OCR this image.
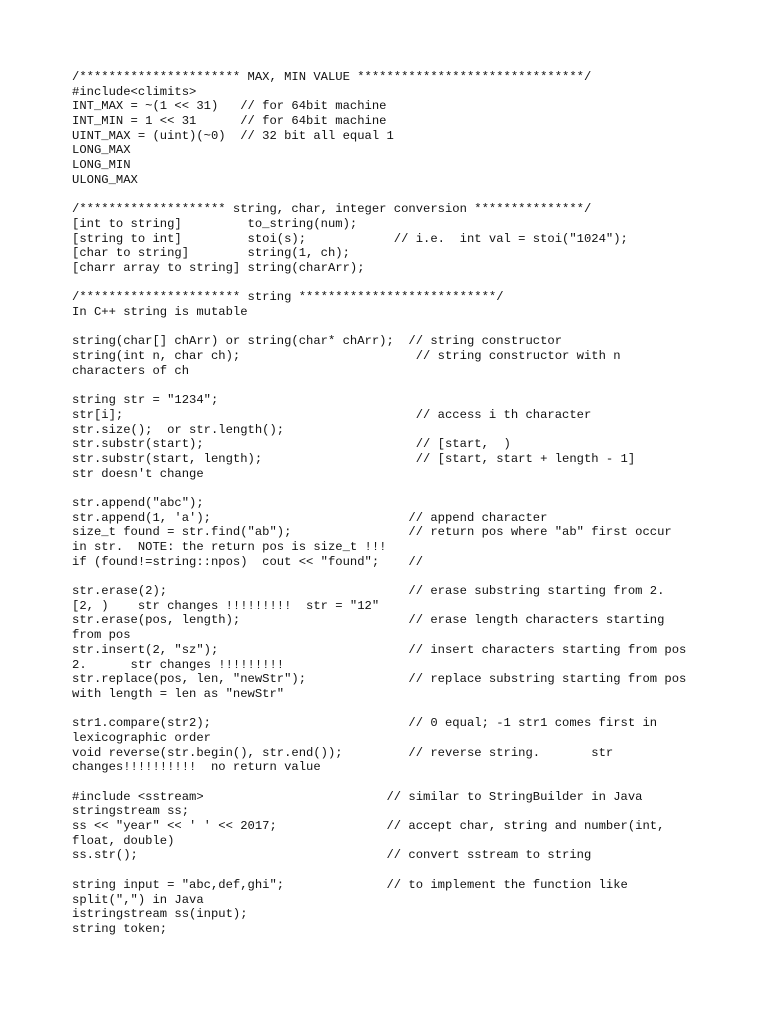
/********************** MAX, MIN VALUE *******************************/
#include<climits>
INT_MAX = ~(1 << 31)   // for 64bit machine
INT_MIN = 1 << 31      // for 64bit machine
UINT_MAX = (uint)(~0)  // 32 bit all equal 1
LONG_MAX
LONG_MIN
ULONG_MAX
/******************** string, char, integer conversion ***************/
[int to string]         to_string(num);
[string to int]         stoi(s);            // i.e.  int val = stoi("1024");
[char to string]        string(1, ch);
[charr array to string] string(charArr);
/********************** string ***************************/
In C++ string is mutable
string(char[] chArr) or string(char* chArr);  // string constructor
string(int n, char ch);                        // string constructor with n
characters of ch
string str = "1234";
str[i];                                        // access i th character
str.size();  or str.length();
str.substr(start);                             // [start,  )
str.substr(start, length);                     // [start, start + length - 1]
str doesn't change
str.append("abc");
str.append(1, 'a');                           // append character
size_t found = str.find("ab");                // return pos where "ab" first occur
in str.  NOTE: the return pos is size_t !!!
if (found!=string::npos)  cout << "found";    //
str.erase(2);                                 // erase substring starting from 2.
[2, )    str changes !!!!!!!!!  str = "12"
str.erase(pos, length);                       // erase length characters starting
from pos
str.insert(2, "sz");                          // insert characters starting from pos
2.      str changes !!!!!!!!!
str.replace(pos, len, "newStr");              // replace substring starting from pos
with length = len as "newStr"
str1.compare(str2);                           // 0 equal; -1 str1 comes first in
lexicographic order
void reverse(str.begin(), str.end());         // reverse string.       str
changes!!!!!!!!!!  no return value
#include <sstream>                         // similar to StringBuilder in Java
stringstream ss;
ss << "year" << ' ' << 2017;               // accept char, string and number(int,
float, double)
ss.str();                                  // convert sstream to string
string input = "abc,def,ghi";              // to implement the function like
split(",") in Java
istringstream ss(input);
string token;
